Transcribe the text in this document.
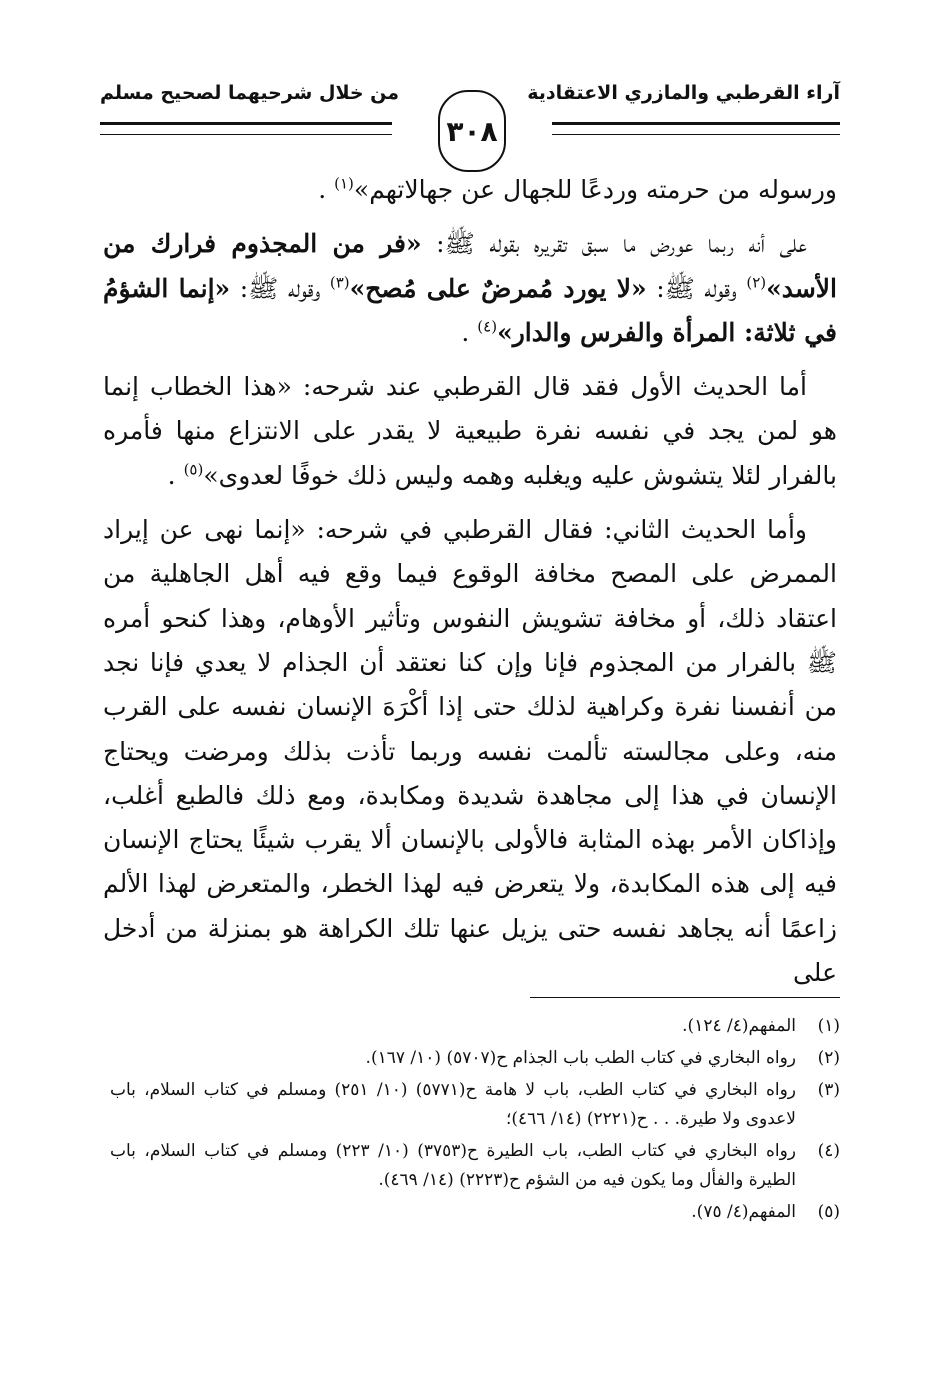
آراء القرطبي والمازري الاعتقادية
من خلال شرحيهما لصحيح مسلم
٣٠٨

ورسوله من حرمته وردعًا للجهال عن جهالاتهم»$^{(١)}$ .

على أنه ربما عورض ما سبق تقريره بقوله ﷺ: «فر من المجذوم فرارك من الأسد»$^{(٢)}$ وقوله ﷺ: «لا يورد مُمرضٌ على مُصح»$^{(٣)}$ وقوله ﷺ: «إنما الشؤمُ في ثلاثة: المرأة والفرس والدار»$^{(٤)}$ .

أما الحديث الأول فقد قال القرطبي عند شرحه: «هذا الخطاب إنما هو لمن يجد في نفسه نفرة طبيعية لا يقدر على الانتزاع منها فأمره بالفرار لئلا يتشوش عليه ويغلبه وهمه وليس ذلك خوفًا لعدوى»$^{(٥)}$ .

وأما الحديث الثاني: فقال القرطبي في شرحه: «إنما نهى عن إيراد الممرض على المصح مخافة الوقوع فيما وقع فيه أهل الجاهلية من اعتقاد ذلك، أو مخافة تشويش النفوس وتأثير الأوهام، وهذا كنحو أمره ﷺ بالفرار من المجذوم فإنا وإن كنا نعتقد أن الجذام لا يعدي فإنا نجد من أنفسنا نفرة وكراهية لذلك حتى إذا أكْرَهَ الإنسان نفسه على القرب منه، وعلى مجالسته تألمت نفسه وربما تأذت بذلك ومرضت ويحتاج الإنسان في هذا إلى مجاهدة شديدة ومكابدة، ومع ذلك فالطبع أغلب، وإذاكان الأمر بهذه المثابة فالأولى بالإنسان ألا يقرب شيئًا يحتاج الإنسان فيه إلى هذه المكابدة، ولا يتعرض فيه لهذا الخطر، والمتعرض لهذا الألم زاعمًا أنه يجاهد نفسه حتى يزيل عنها تلك الكراهة هو بمنزلة من أدخل على

(١)
المفهم(٤/ ١٢٤).
(٢)
رواه البخاري في كتاب الطب باب الجذام ح(٥٧٠٧) (١٠/ ١٦٧).
(٣)
رواه البخاري في كتاب الطب، باب لا هامة ح(٥٧٧١) (١٠/ ٢٥١) ومسلم في كتاب السلام، باب لاعدوى ولا طيرة. . . ح(٢٢٢١) (١٤/ ٤٦٦)؛
(٤)
رواه البخاري في كتاب الطب، باب الطيرة ح(٣٧٥٣) (١٠/ ٢٢٣) ومسلم في كتاب السلام، باب الطيرة والفأل وما يكون فيه من الشؤم ح(٢٢٢٣) (١٤/ ٤٦٩).
(٥)
المفهم(٤/ ٧٥).
